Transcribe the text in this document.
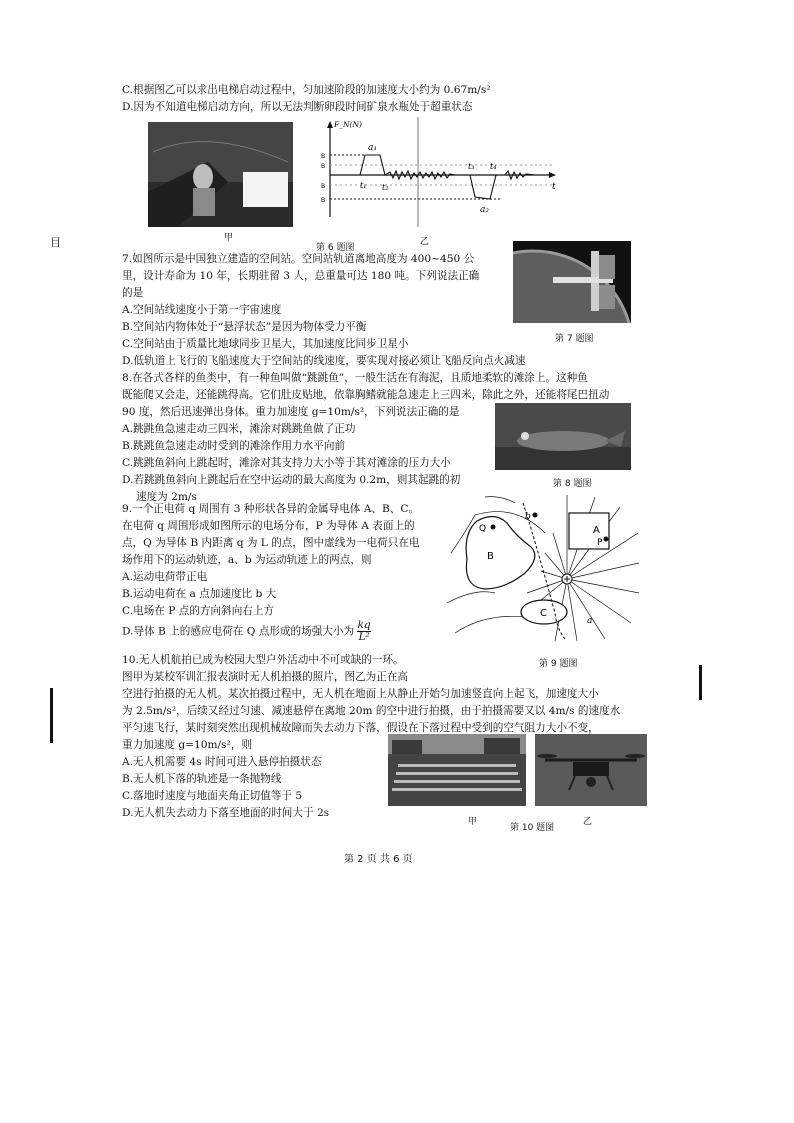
C.根据图乙可以求出电梯启动过程中，匀加速阶段的加速度大小约为 0.67m/s²
D.因为不知道电梯启动方向，所以无法判断卵段时间矿泉水瓶处于超重状态
F_N(N)
t
B
B
B
B
a₁
a₂
t₁ t₂
t₃ t₄
甲
第 6 题图
乙
目
7.如图所示是中国独立建造的空间站。空间站轨道离地高度为 400~450 公
里，设计寿命为 10 年，长期驻留 3 人，总重量可达 180 吨。下列说法正确
的是
A.空间站线速度小于第一宇宙速度
B.空间站内物体处于“悬浮状态”是因为物体受力平衡
C.空间站由于质量比地球同步卫星大，其加速度比同步卫星小
D.低轨道上飞行的飞船速度大于空间站的线速度，要实现对接必须让飞船反向点火减速
第 7 题图
8.在各式各样的鱼类中，有一种鱼叫做“跳跳鱼”，一般生活在有海泥，且质地柔软的滩涂上。这种鱼
既能爬又会走，还能跳得高。它们肚皮贴地，依靠胸鳍就能急速走上三四米，除此之外，还能将尾巴扭动
90 度，然后迅速弹出身体。重力加速度 g=10m/s²，下列说法正确的是
A.跳跳鱼急速走动三四米，滩涂对跳跳鱼做了正功
B.跳跳鱼急速走动时受到的滩涂作用力水平向前
C.跳跳鱼斜向上跳起时，滩涂对其支持力大小等于其对滩涂的压力大小
D.若跳跳鱼斜向上跳起后在空中运动的最大高度为 0.2m，则其起跳的初
速度为 2m/s
第 8 题图
9.一个正电荷 q 周围有 3 种形状各异的金属导电体 A、B、C。
在电荷 q 周围形成如图所示的电场分布，P 为导体 A 表面上的
点，Q 为导体 B 内距离 q 为 L 的点，图中虚线为一电荷只在电
场作用下的运动轨迹，a、b 为运动轨迹上的两点，则
A.运动电荷带正电
B.运动电荷在 a 点加速度比 b 大
C.电场在 P 点的方向斜向右上方
D.导体 B 上的感应电荷在 Q 点形成的场强大小为 $\frac{kq}{\text{L²}}$
A
B
C
P
Q
a
b
第 9 题图
10.无人机航拍已成为校园大型户外活动中不可或缺的一环。
图甲为某校军训汇报表演时无人机拍摄的照片，图乙为正在高
空进行拍摄的无人机。某次拍摄过程中，无人机在地面上从静止开始匀加速竖直向上起飞，加速度大小
为 2.5m/s²，后续又经过匀速、减速悬停在离地 20m 的空中进行拍摄，由于拍摄需要又以 4m/s 的速度水
平匀速飞行，某时刻突然出现机械故障而失去动力下落，假设在下落过程中受到的空气阻力大小不变，
重力加速度 g=10m/s²，则
A.无人机需要 4s 时间可进入悬停拍摄状态
B.无人机下落的轨迹是一条抛物线
C.落地时速度与地面夹角正切值等于 5
D.无人机失去动力下落至地面的时间大于 2s
甲
第 10 题图
乙
第 2 页 共 6 页
